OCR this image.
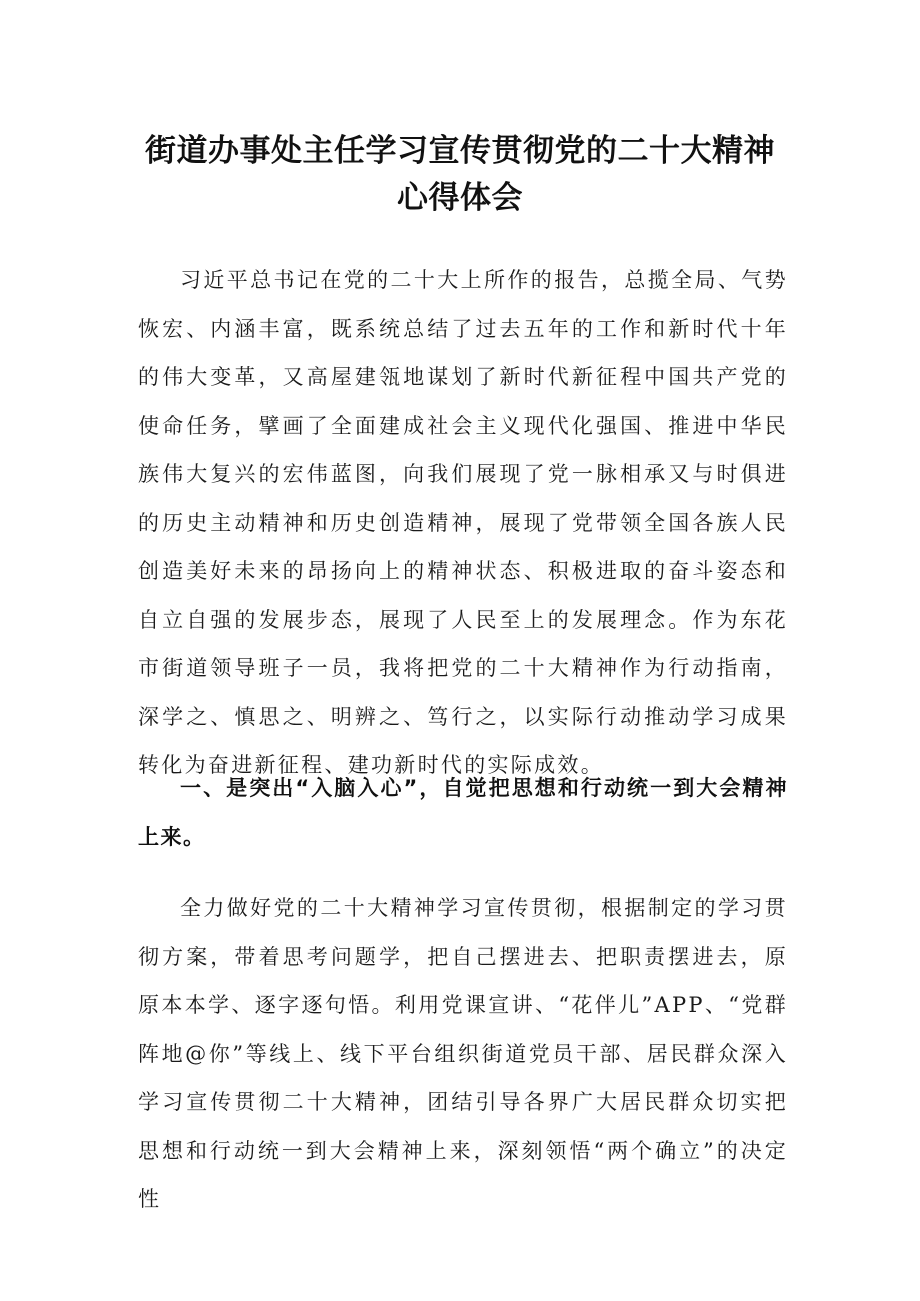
街道办事处主任学习宣传贯彻党的二十大精神心得体会

习近平总书记在党的二十大上所作的报告，总揽全局、气势恢宏、内涵丰富，既系统总结了过去五年的工作和新时代十年的伟大变革，又高屋建瓴地谋划了新时代新征程中国共产党的使命任务，擘画了全面建成社会主义现代化强国、推进中华民族伟大复兴的宏伟蓝图，向我们展现了党一脉相承又与时俱进的历史主动精神和历史创造精神，展现了党带领全国各族人民创造美好未来的昂扬向上的精神状态、积极进取的奋斗姿态和自立自强的发展步态，展现了人民至上的发展理念。作为东花市街道领导班子一员，我将把党的二十大精神作为行动指南，深学之、慎思之、明辨之、笃行之，以实际行动推动学习成果转化为奋进新征程、建功新时代的实际成效。

一、是突出“入脑入心”，自觉把思想和行动统一到大会精神上来。

全力做好党的二十大精神学习宣传贯彻，根据制定的学习贯彻方案，带着思考问题学，把自己摆进去、把职责摆进去，原原本本学、逐字逐句悟。利用党课宣讲、“花伴儿”APP、“党群阵地@你”等线上、线下平台组织街道党员干部、居民群众深入学习宣传贯彻二十大精神，团结引导各界广大居民群众切实把思想和行动统一到大会精神上来，深刻领悟“两个确立”的决定性
